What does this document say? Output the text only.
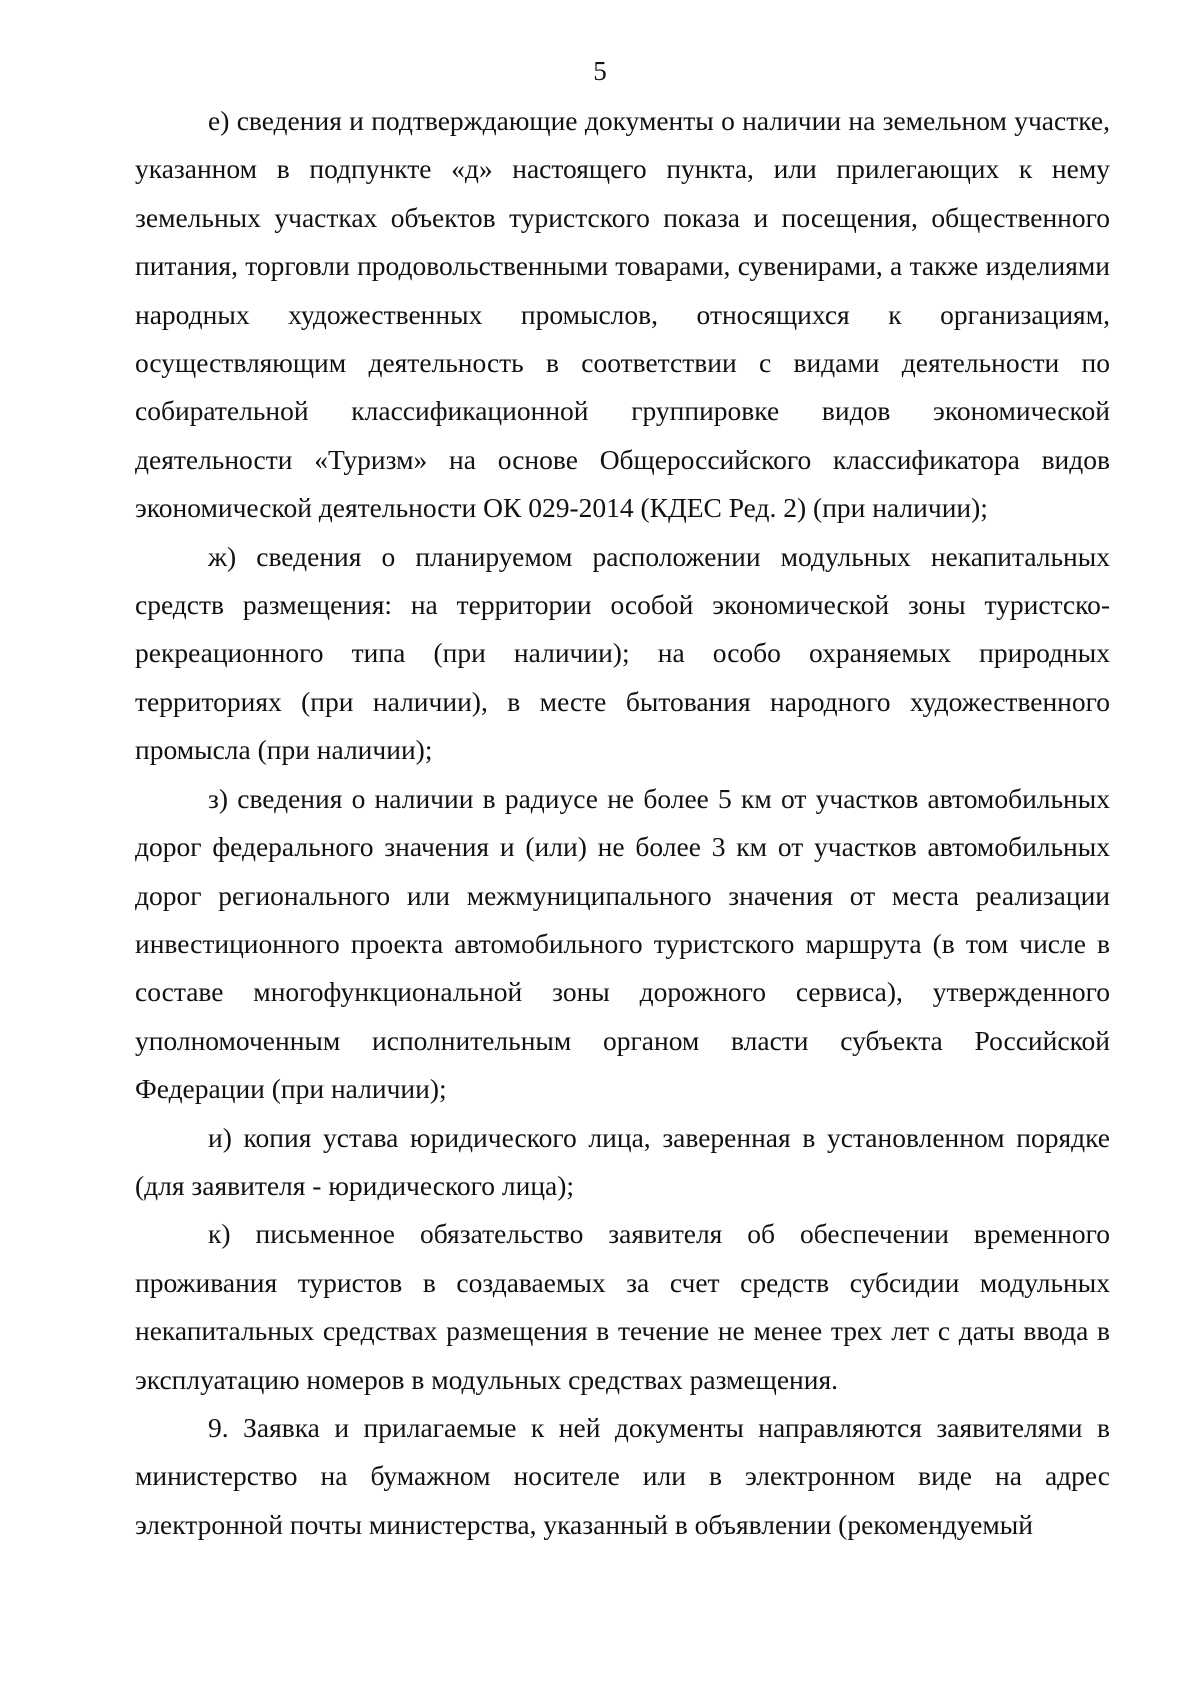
5

е) сведения и подтверждающие документы о наличии на земельном участке, указанном в подпункте «д» настоящего пункта, или прилегающих к нему земельных участках объектов туристского показа и посещения, общественного питания, торговли продовольственными товарами, сувенирами, а также изделиями народных художественных промыслов, относящихся к организациям, осуществляющим деятельность в соответствии с видами деятельности по собирательной классификационной группировке видов экономической деятельности «Туризм» на основе Общероссийского классификатора видов экономической деятельности ОК 029-2014 (КДЕС Ред. 2) (при наличии);

ж) сведения о планируемом расположении модульных некапитальных средств размещения: на территории особой экономической зоны туристско-рекреационного типа (при наличии); на особо охраняемых природных территориях (при наличии), в месте бытования народного художественного промысла (при наличии);

з) сведения о наличии в радиусе не более 5 км от участков автомобильных дорог федерального значения и (или) не более 3 км от участков автомобильных дорог регионального или межмуниципального значения от места реализации инвестиционного проекта автомобильного туристского маршрута (в том числе в составе многофункциональной зоны дорожного сервиса), утвержденного уполномоченным исполнительным органом власти субъекта Российской Федерации (при наличии);

и) копия устава юридического лица, заверенная в установленном порядке (для заявителя - юридического лица);

к) письменное обязательство заявителя об обеспечении временного проживания туристов в создаваемых за счет средств субсидии модульных некапитальных средствах размещения в течение не менее трех лет с даты ввода в эксплуатацию номеров в модульных средствах размещения.

9. Заявка и прилагаемые к ней документы направляются заявителями в министерство на бумажном носителе или в электронном виде на адрес электронной почты министерства, указанный в объявлении (рекомендуемый
